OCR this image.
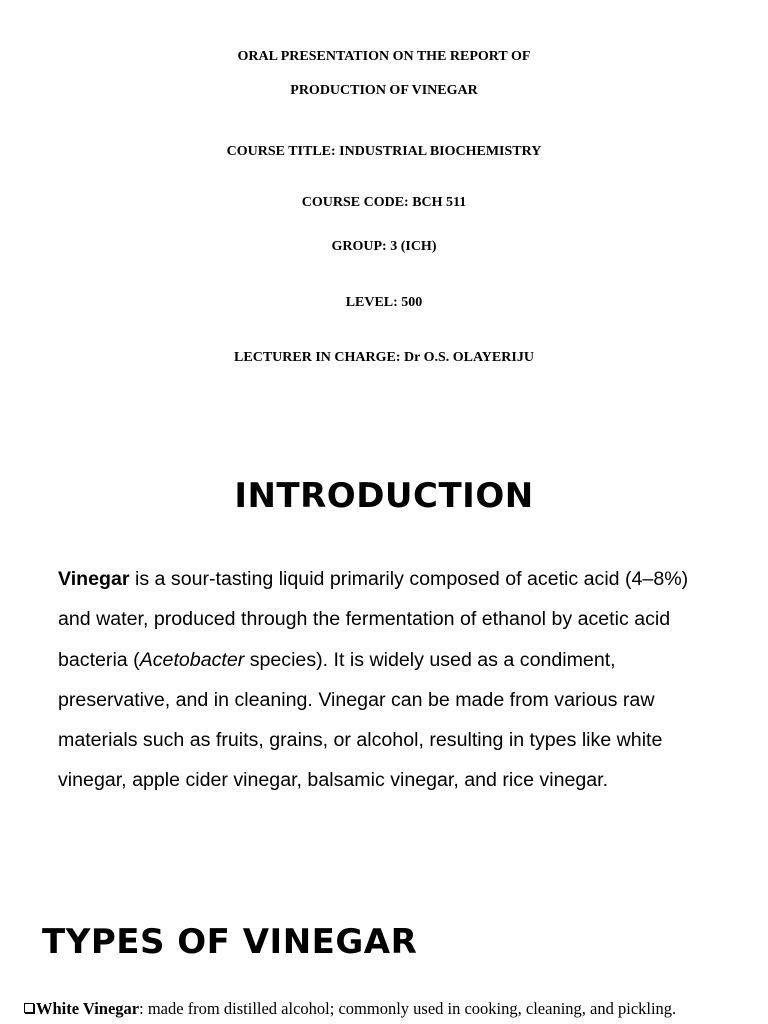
ORAL PRESENTATION ON THE REPORT OF
PRODUCTION OF VINEGAR
COURSE TITLE: INDUSTRIAL BIOCHEMISTRY
COURSE CODE: BCH 511
GROUP: 3 (ICH)
LEVEL: 500
LECTURER IN CHARGE: Dr O.S. OLAYERIJU
INTRODUCTION
Vinegar is a sour-tasting liquid primarily composed of acetic acid (4–8%) and water, produced through the fermentation of ethanol by acetic acid bacteria (Acetobacter species). It is widely used as a condiment, preservative, and in cleaning. Vinegar can be made from various raw materials such as fruits, grains, or alcohol, resulting in types like white vinegar, apple cider vinegar, balsamic vinegar, and rice vinegar.
TYPES OF VINEGAR
White Vinegar: made from distilled alcohol; commonly used in cooking, cleaning, and pickling.
